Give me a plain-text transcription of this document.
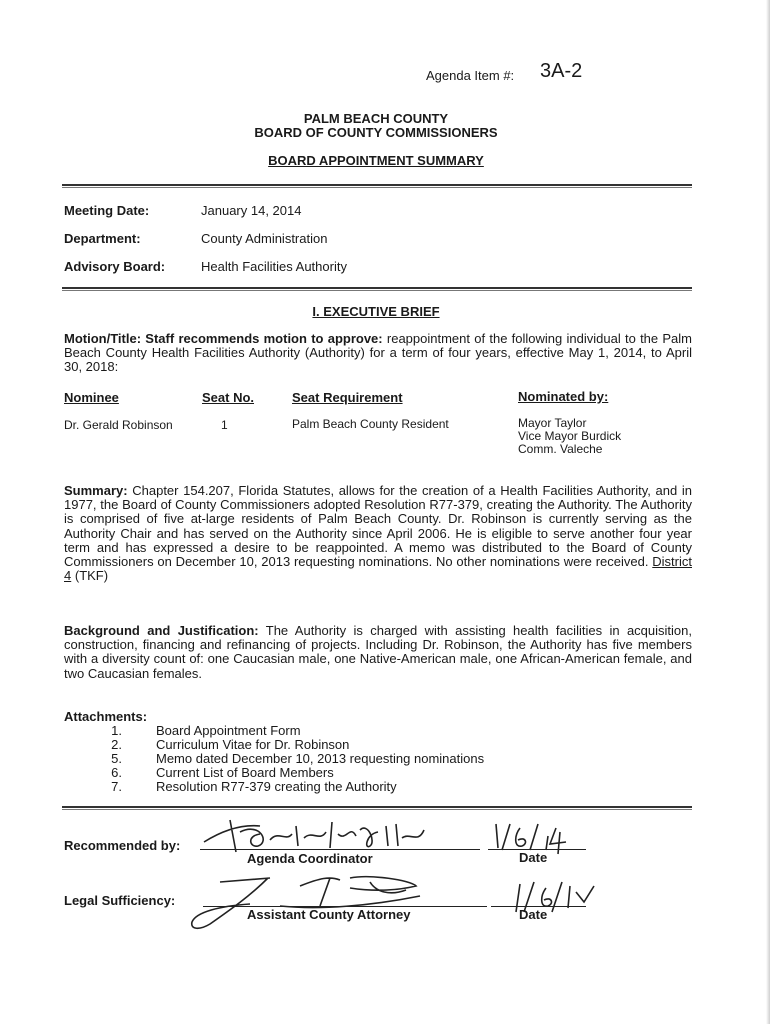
Agenda Item #: 3A-2
PALM BEACH COUNTY
BOARD OF COUNTY COMMISSIONERS
BOARD APPOINTMENT SUMMARY
Meeting Date:	January 14, 2014
Department:	County Administration
Advisory Board:	Health Facilities Authority
I. EXECUTIVE BRIEF
Motion/Title: Staff recommends motion to approve: reappointment of the following individual to the Palm Beach County Health Facilities Authority (Authority) for a term of four years, effective May 1, 2014, to April 30, 2018:
Nominee	Seat No.	Seat Requirement	Nominated by:
Dr. Gerald Robinson	1	Palm Beach County Resident	Mayor Taylor
Vice Mayor Burdick
Comm. Valeche
Summary: Chapter 154.207, Florida Statutes, allows for the creation of a Health Facilities Authority, and in 1977, the Board of County Commissioners adopted Resolution R77-379, creating the Authority. The Authority is comprised of five at-large residents of Palm Beach County. Dr. Robinson is currently serving as the Authority Chair and has served on the Authority since April 2006. He is eligible to serve another four year term and has expressed a desire to be reappointed. A memo was distributed to the Board of County Commissioners on December 10, 2013 requesting nominations. No other nominations were received. District 4 (TKF)
Background and Justification: The Authority is charged with assisting health facilities in acquisition, construction, financing and refinancing of projects. Including Dr. Robinson, the Authority has five members with a diversity count of: one Caucasian male, one Native-American male, one African-American female, and two Caucasian females.
Attachments:
1.	Board Appointment Form
2.	Curriculum Vitae for Dr. Robinson
5.	Memo dated December 10, 2013 requesting nominations
6.	Current List of Board Members
7.	Resolution R77-379 creating the Authority
Recommended by:
Agenda Coordinator	Date
Legal Sufficiency:
Assistant County Attorney	Date
